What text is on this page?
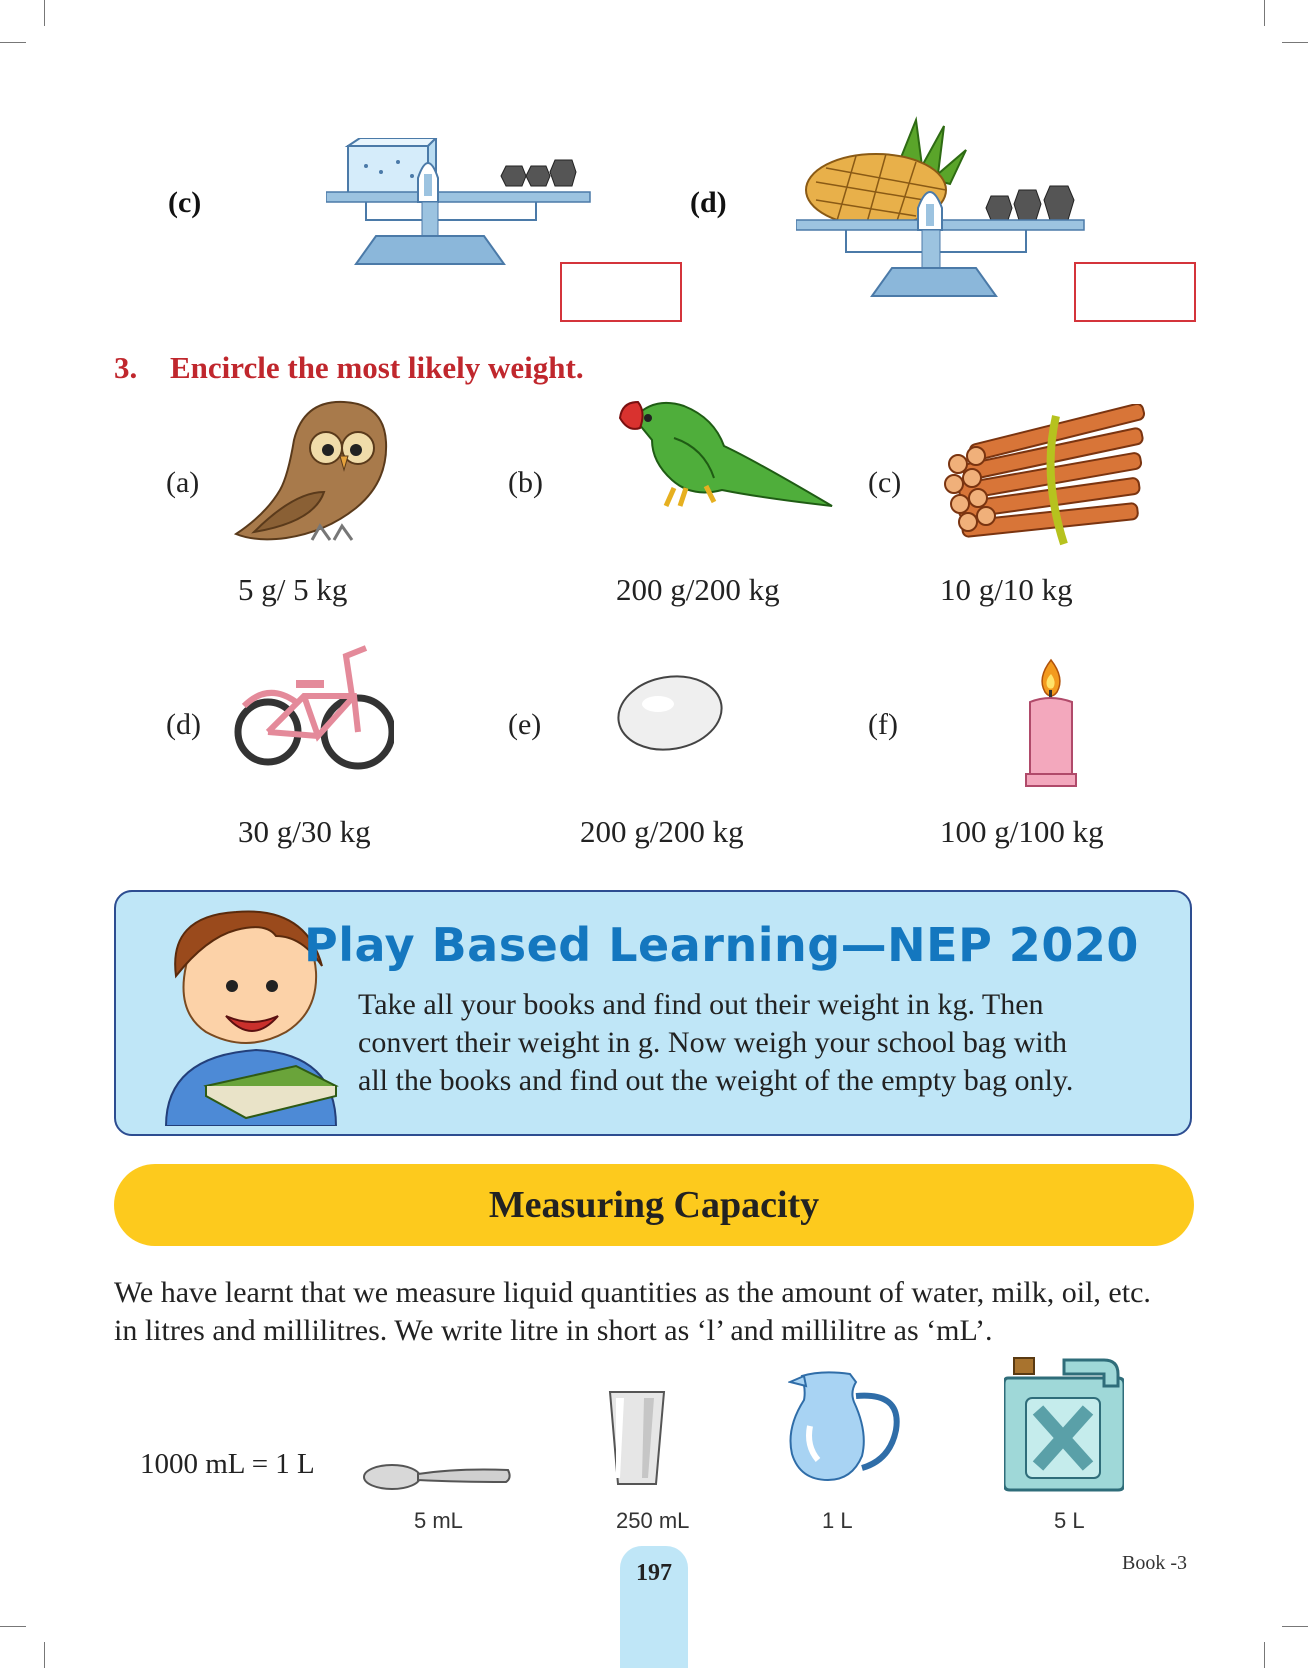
(c)	(d)
3. Encircle the most likely weight.
(a)	(b)	(c)
5 g/ 5 kg	200 g/200 kg	10 g/10 kg
(d)	(e)	(f)
30 g/30 kg	200 g/200 kg	100 g/100 kg
Play Based Learning—NEP 2020
Take all your books and find out their weight in kg. Then
convert their weight in g. Now weigh your school bag with
all the books and find out the weight of the empty bag only.
Measuring Capacity
We have learnt that we measure liquid quantities as the amount of water, milk, oil, etc.
in litres and millilitres. We write litre in short as ‘l’ and millilitre as ‘mL’.
1000 mL = 1 L
5 mL	250 mL	1 L	5 L
197	Book -3
